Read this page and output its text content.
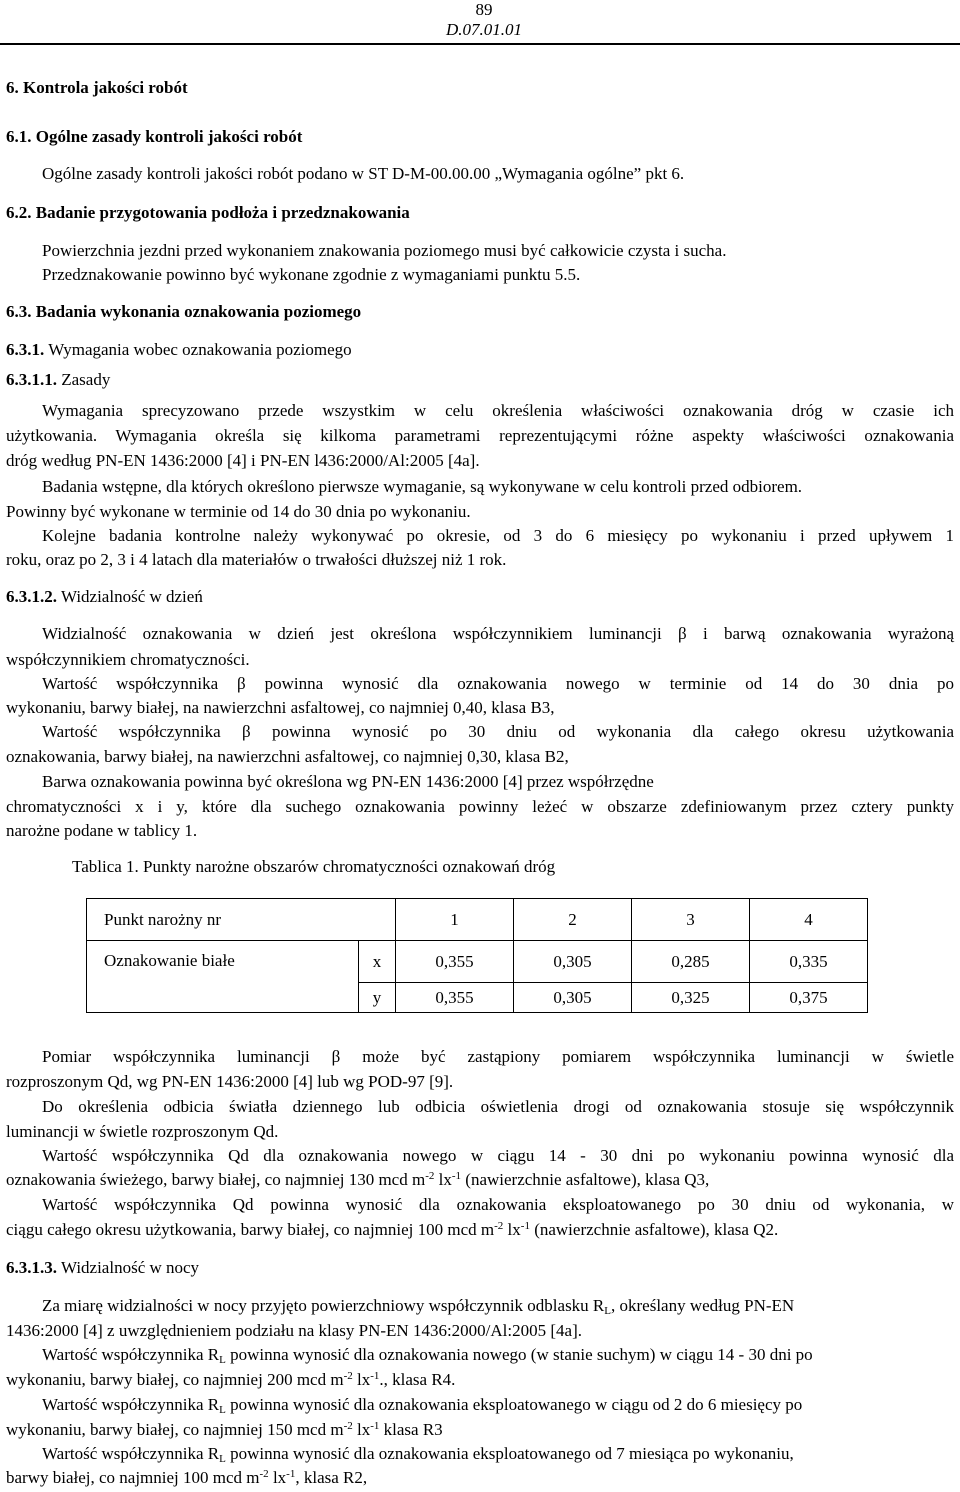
89
D.07.01.01
6. Kontrola jakości robót
6.1. Ogólne zasady kontroli jakości robót
Ogólne zasady kontroli jakości robót podano w ST D-M-00.00.00 „Wymagania ogólne” pkt 6.
6.2. Badanie przygotowania podłoża i przedznakowania
Powierzchnia jezdni przed wykonaniem znakowania poziomego musi być całkowicie czysta i sucha.
Przedznakowanie powinno być wykonane zgodnie z wymaganiami punktu 5.5.
6.3. Badania wykonania oznakowania poziomego
6.3.1. Wymagania wobec oznakowania poziomego
6.3.1.1. Zasady
Wymagania sprecyzowano przede wszystkim w celu określenia właściwości oznakowania dróg w czasie ich
użytkowania. Wymagania określa się kilkoma parametrami reprezentującymi różne aspekty właściwości oznakowania
dróg według PN-EN 1436:2000 [4] i PN-EN l436:2000/Al:2005 [4a].
Badania wstępne, dla których określono pierwsze wymaganie, są wykonywane w celu kontroli przed odbiorem.
Powinny być wykonane w terminie od 14 do 30 dnia po wykonaniu.
Kolejne badania kontrolne należy wykonywać po okresie, od 3 do 6 miesięcy po wykonaniu i przed upływem 1
roku, oraz po 2, 3 i 4 latach dla materiałów o trwałości dłuższej niż 1 rok.
6.3.1.2. Widzialność w dzień
Widzialność oznakowania w dzień jest określona współczynnikiem luminancji β i barwą oznakowania wyrażoną
współczynnikiem chromatyczności.
Wartość współczynnika β powinna wynosić dla oznakowania nowego w terminie od 14 do 30 dnia po
wykonaniu, barwy białej, na nawierzchni asfaltowej, co najmniej 0,40, klasa B3,
Wartość współczynnika β powinna wynosić po 30 dniu od wykonania dla całego okresu użytkowania
oznakowania, barwy białej, na nawierzchni asfaltowej, co najmniej 0,30, klasa B2,
Barwa oznakowania powinna być określona wg PN-EN 1436:2000 [4] przez współrzędne
chromatyczności x i y, które dla suchego oznakowania powinny leżeć w obszarze zdefiniowanym przez cztery punkty
narożne podane w tablicy 1.
Tablica 1. Punkty narożne obszarów chromatyczności oznakowań dróg
Punkt narożny nr		1	2	3	4
Oznakowanie białe	x	0,355	0,305	0,285	0,335
	y	0,355	0,305	0,325	0,375
Pomiar współczynnika luminancji β może być zastąpiony pomiarem współczynnika luminancji w świetle
rozproszonym Qd, wg PN-EN 1436:2000 [4] lub wg POD-97 [9].
Do określenia odbicia światła dziennego lub odbicia oświetlenia drogi od oznakowania stosuje się współczynnik
luminancji w świetle rozproszonym Qd.
Wartość współczynnika Qd dla oznakowania nowego w ciągu 14 - 30 dni po wykonaniu powinna wynosić dla
oznakowania świeżego, barwy białej, co najmniej 130 mcd $m^{-2}$ $lx^{-1}$ (nawierzchnie asfaltowe), klasa Q3,
Wartość współczynnika Qd powinna wynosić dla oznakowania eksploatowanego po 30 dniu od wykonania, w
ciągu całego okresu użytkowania, barwy białej, co najmniej 100 mcd $m^{-2}$ $lx^{-1}$ (nawierzchnie asfaltowe), klasa Q2.
6.3.1.3. Widzialność w nocy
Za miarę widzialności w nocy przyjęto powierzchniowy współczynnik odblasku $R_L$, określany według PN-EN
1436:2000 [4] z uwzględnieniem podziału na klasy PN-EN 1436:2000/Al:2005 [4a].
Wartość współczynnika $R_L$ powinna wynosić dla oznakowania nowego (w stanie suchym) w ciągu 14 - 30 dni po
wykonaniu, barwy białej, co najmniej 200 mcd $m^{-2}$ $lx^{-1}$., klasa R4.
Wartość współczynnika $R_L$ powinna wynosić dla oznakowania eksploatowanego w ciągu od 2 do 6 miesięcy po
wykonaniu, barwy białej, co najmniej 150 mcd $m^{-2}$ $lx^{-1}$ klasa R3
Wartość współczynnika $R_L$ powinna wynosić dla oznakowania eksploatowanego od 7 miesiąca po wykonaniu,
barwy białej, co najmniej 100 mcd $m^{-2}$ $lx^{-1}$, klasa R2,
